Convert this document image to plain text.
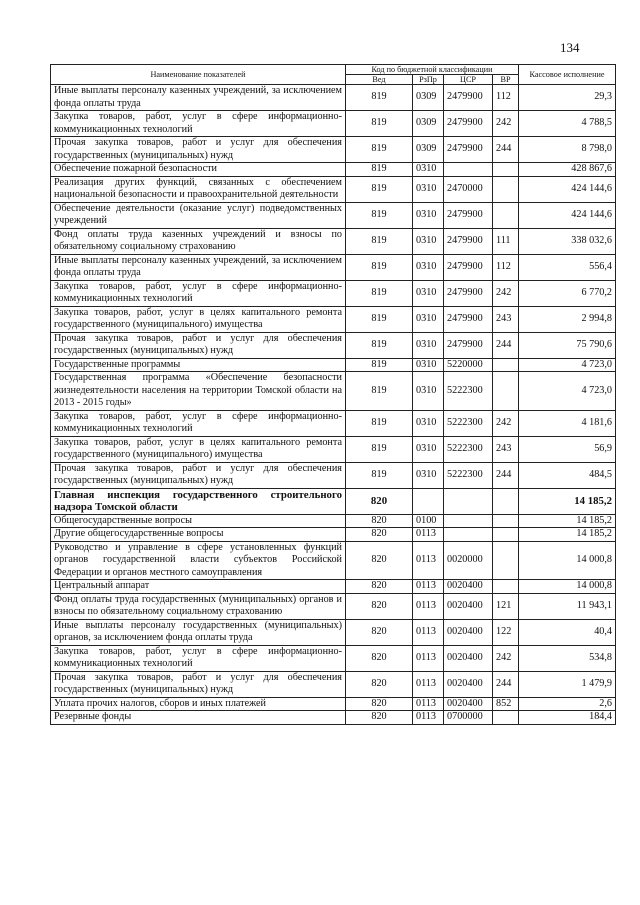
134
Наименование показателей	Код по бюджетной классификации				Кассовое исполнение
	Вед	РзПр	ЦСР	ВР	
Иные выплаты персоналу казенных учреждений, за исключением фонда оплаты труда	819	0309	2479900	112	29,3
Закупка товаров, работ, услуг в сфере информационно-коммуникационных технологий	819	0309	2479900	242	4 788,5
Прочая закупка товаров, работ и услуг для обеспечения государственных (муниципальных) нужд	819	0309	2479900	244	8 798,0
Обеспечение пожарной безопасности	819	0310			428 867,6
Реализация других функций, связанных с обеспечением национальной безопасности и правоохранительной деятельности	819	0310	2470000		424 144,6
Обеспечение деятельности (оказание услуг) подведомственных учреждений	819	0310	2479900		424 144,6
Фонд оплаты труда казенных учреждений и взносы по обязательному социальному страхованию	819	0310	2479900	111	338 032,6
Иные выплаты персоналу казенных учреждений, за исключением фонда оплаты труда	819	0310	2479900	112	556,4
Закупка товаров, работ, услуг в сфере информационно-коммуникационных технологий	819	0310	2479900	242	6 770,2
Закупка товаров, работ, услуг в целях капитального ремонта государственного (муниципального) имущества	819	0310	2479900	243	2 994,8
Прочая закупка товаров, работ и услуг для обеспечения государственных (муниципальных) нужд	819	0310	2479900	244	75 790,6
Государственные программы	819	0310	5220000		4 723,0
Государственная программа «Обеспечение безопасности жизнедеятельности населения на территории Томской области на 2013 - 2015 годы»	819	0310	5222300		4 723,0
Закупка товаров, работ, услуг в сфере информационно-коммуникационных технологий	819	0310	5222300	242	4 181,6
Закупка товаров, работ, услуг в целях капитального ремонта государственного (муниципального) имущества	819	0310	5222300	243	56,9
Прочая закупка товаров, работ и услуг для обеспечения государственных (муниципальных) нужд	819	0310	5222300	244	484,5
Главная инспекция государственного строительного надзора Томской области	820				14 185,2
Общегосударственные вопросы	820	0100			14 185,2
Другие общегосударственные вопросы	820	0113			14 185,2
Руководство и управление в сфере установленных функций органов государственной власти субъектов Российской Федерации и органов местного самоуправления	820	0113	0020000		14 000,8
Центральный аппарат	820	0113	0020400		14 000,8
Фонд оплаты труда государственных (муниципальных) органов и взносы по обязательному социальному страхованию	820	0113	0020400	121	11 943,1
Иные выплаты персоналу государственных (муниципальных) органов, за исключением фонда оплаты труда	820	0113	0020400	122	40,4
Закупка товаров, работ, услуг в сфере информационно-коммуникационных технологий	820	0113	0020400	242	534,8
Прочая закупка товаров, работ и услуг для обеспечения государственных (муниципальных) нужд	820	0113	0020400	244	1 479,9
Уплата прочих налогов, сборов и иных платежей	820	0113	0020400	852	2,6
Резервные фонды	820	0113	0700000		184,4
